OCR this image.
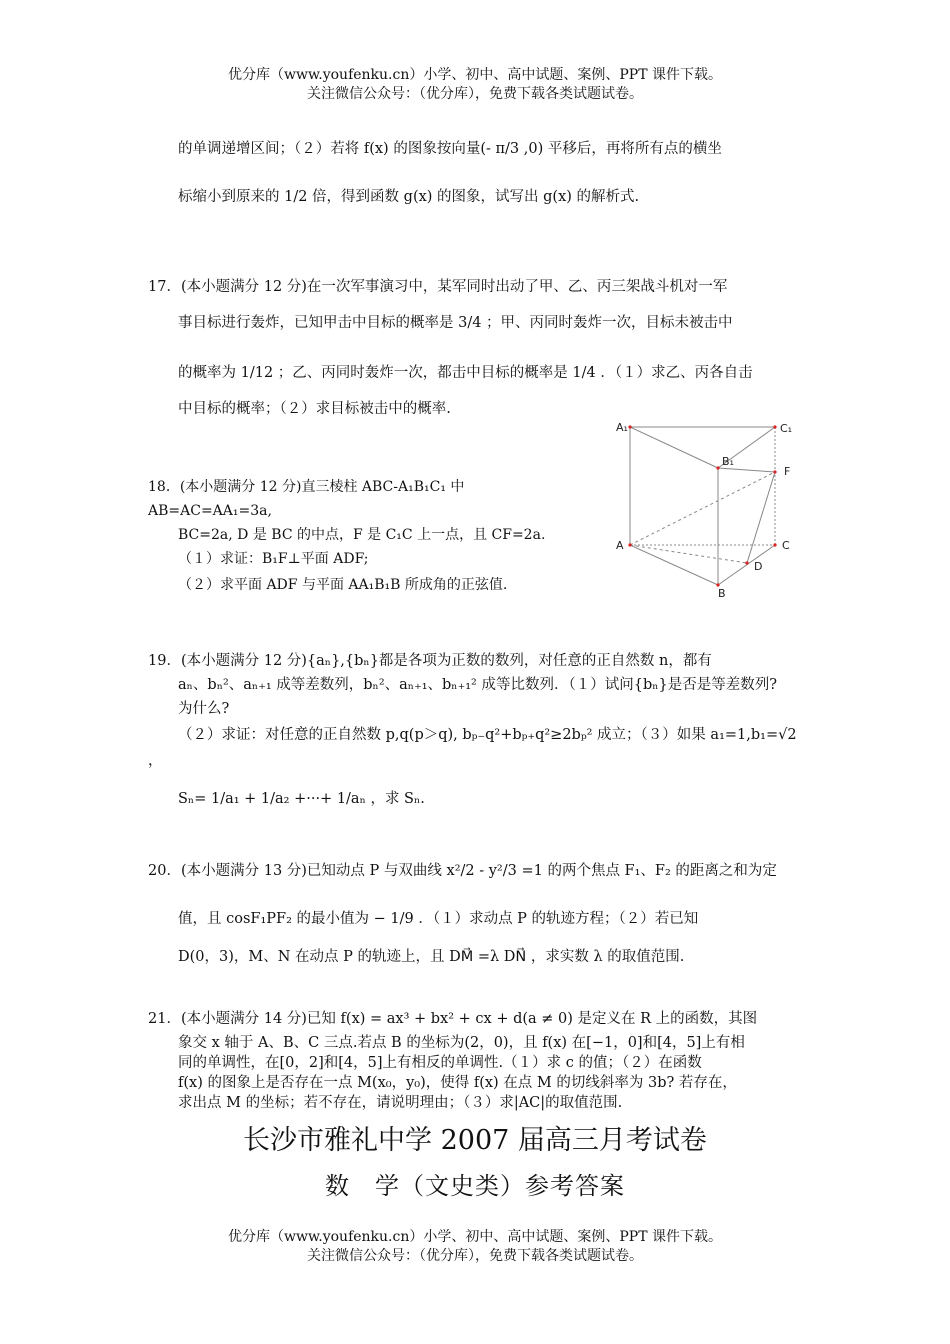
优分库（www.youfenku.cn）小学、初中、高中试题、案例、PPT 课件下载。
关注微信公众号：（优分库），免费下载各类试题试卷。
的单调递增区间；（２）若将 f(x) 的图象按向量(- π/3 ,0) 平移后，再将所有点的横坐
标缩小到原来的 1/2 倍，得到函数 g(x) 的图象，试写出 g(x) 的解析式.
17．(本小题满分 12 分)在一次军事演习中，某军同时出动了甲、乙、丙三架战斗机对一军
事目标进行轰炸，已知甲击中目标的概率是 3/4 ；甲、丙同时轰炸一次，目标未被击中
的概率为 1/12 ；乙、丙同时轰炸一次，都击中目标的概率是 1/4 ．（１）求乙、丙各自击
中目标的概率；（２）求目标被击中的概率.
18．(本小题满分 12 分)直三棱柱 ABC-A₁B₁C₁ 中
AB=AC=AA₁=3a,
BC=2a, D 是 BC 的中点，F 是 C₁C 上一点，且 CF=2a.
（１）求证：B₁F⊥平面 ADF;
（２）求平面 ADF 与平面 AA₁B₁B 所成角的正弦值.
A₁	C₁
B₁
F
A	C
D
B
19．(本小题满分 12 分){aₙ},{bₙ}都是各项为正数的数列，对任意的正自然数 n，都有
aₙ、bₙ²、aₙ₊₁ 成等差数列，bₙ²、aₙ₊₁、bₙ₊₁² 成等比数列．（１）试问{bₙ}是否是等差数列?
为什么?
（２）求证：对任意的正自然数 p,q(p＞q), bₚ₋q²+bₚ₊q²≥2bₚ² 成立；（３）如果 a₁=1,b₁=√2
，
Sₙ= 1/a₁ + 1/a₂ +···+ 1/aₙ ，求 Sₙ.
20．(本小题满分 13 分)已知动点 P 与双曲线 x²/2 - y²/3 =1 的两个焦点 F₁、F₂ 的距离之和为定
值，且 cosF₁PF₂ 的最小值为 − 1/9 ．（１）求动点 P 的轨迹方程；（２）若已知
D(0，3)，M、N 在动点 P 的轨迹上，且 DM⃗ =λ DN⃗ ，求实数 λ 的取值范围.
21．(本小题满分 14 分)已知 f(x) = ax³ + bx² + cx + d(a ≠ 0) 是定义在 R 上的函数，其图
象交 x 轴于 A、B、C 三点.若点 B 的坐标为(2，0)，且 f(x) 在[−1，0]和[4，5]上有相
同的单调性，在[0，2]和[4，5]上有相反的单调性.（１）求 c 的值；（２）在函数
f(x) 的图象上是否存在一点 M(x₀，y₀)，使得 f(x) 在点 M 的切线斜率为 3b? 若存在，
求出点 M 的坐标；若不存在，请说明理由；（３）求|AC|的取值范围.
长沙市雅礼中学 2007 届高三月考试卷
数　学（文史类）参考答案
优分库（www.youfenku.cn）小学、初中、高中试题、案例、PPT 课件下载。
关注微信公众号：（优分库），免费下载各类试题试卷。
